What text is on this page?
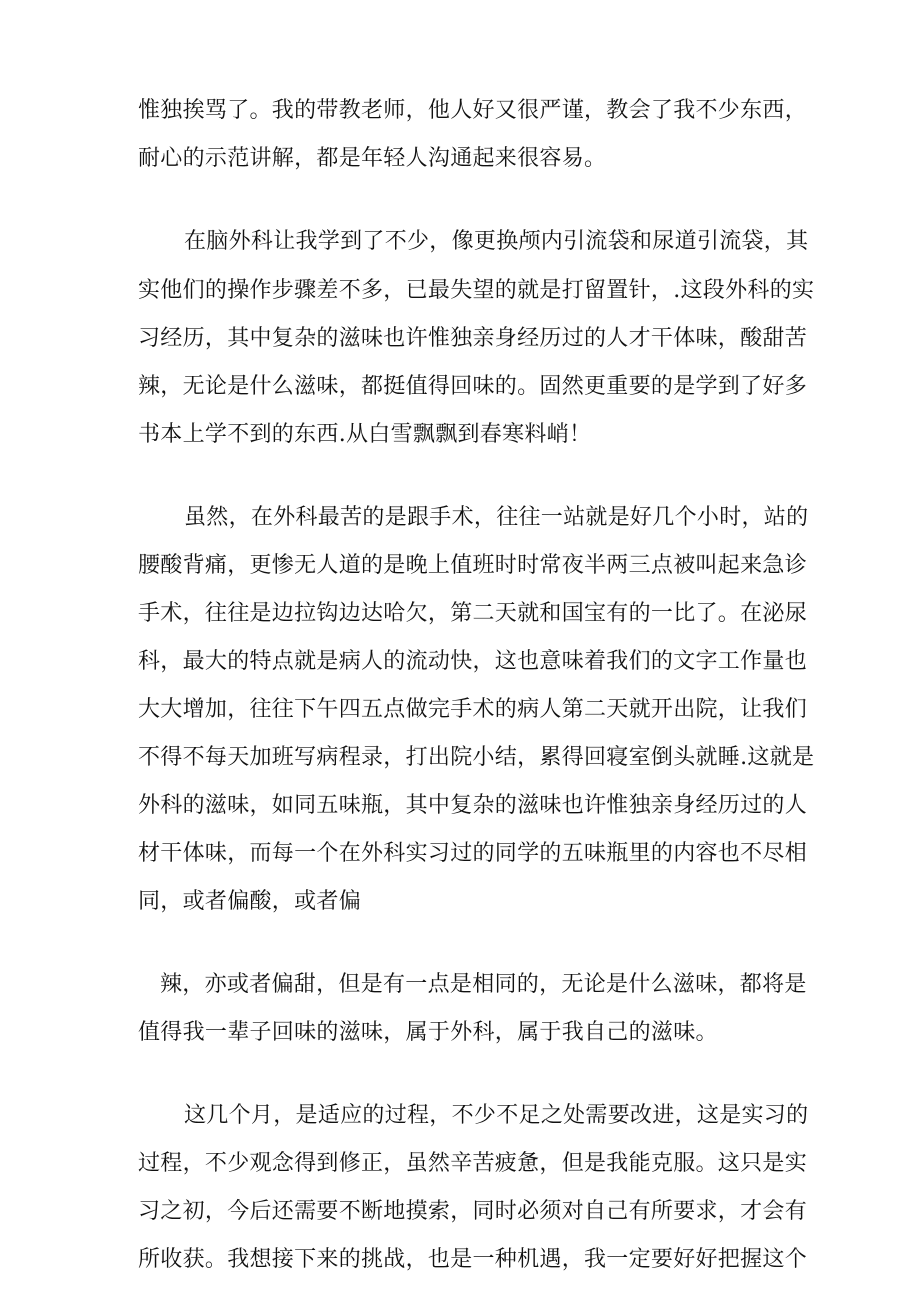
惟独挨骂了。我的带教老师，他人好又很严谨，教会了我不少东西，
耐心的示范讲解，都是年轻人沟通起来很容易。
在脑外科让我学到了不少，像更换颅内引流袋和尿道引流袋，其
实他们的操作步骤差不多，已最失望的就是打留置针，.这段外科的实
习经历，其中复杂的滋味也许惟独亲身经历过的人才干体味，酸甜苦
辣，无论是什么滋味，都挺值得回味的。固然更重要的是学到了好多
书本上学不到的东西.从白雪飘飘到春寒料峭！
虽然，在外科最苦的是跟手术，往往一站就是好几个小时，站的
腰酸背痛，更惨无人道的是晚上值班时时常夜半两三点被叫起来急诊
手术，往往是边拉钩边达哈欠，第二天就和国宝有的一比了。在泌尿
科，最大的特点就是病人的流动快，这也意味着我们的文字工作量也
大大增加，往往下午四五点做完手术的病人第二天就开出院，让我们
不得不每天加班写病程录，打出院小结，累得回寝室倒头就睡.这就是
外科的滋味，如同五味瓶，其中复杂的滋味也许惟独亲身经历过的人
材干体味，而每一个在外科实习过的同学的五味瓶里的内容也不尽相
同，或者偏酸，或者偏
辣，亦或者偏甜，但是有一点是相同的，无论是什么滋味，都将是
值得我一辈子回味的滋味，属于外科，属于我自己的滋味。
这几个月，是适应的过程，不少不足之处需要改进，这是实习的
过程，不少观念得到修正，虽然辛苦疲惫，但是我能克服。这只是实
习之初，今后还需要不断地摸索，同时必须对自己有所要求，才会有
所收获。我想接下来的挑战，也是一种机遇，我一定要好好把握这个
